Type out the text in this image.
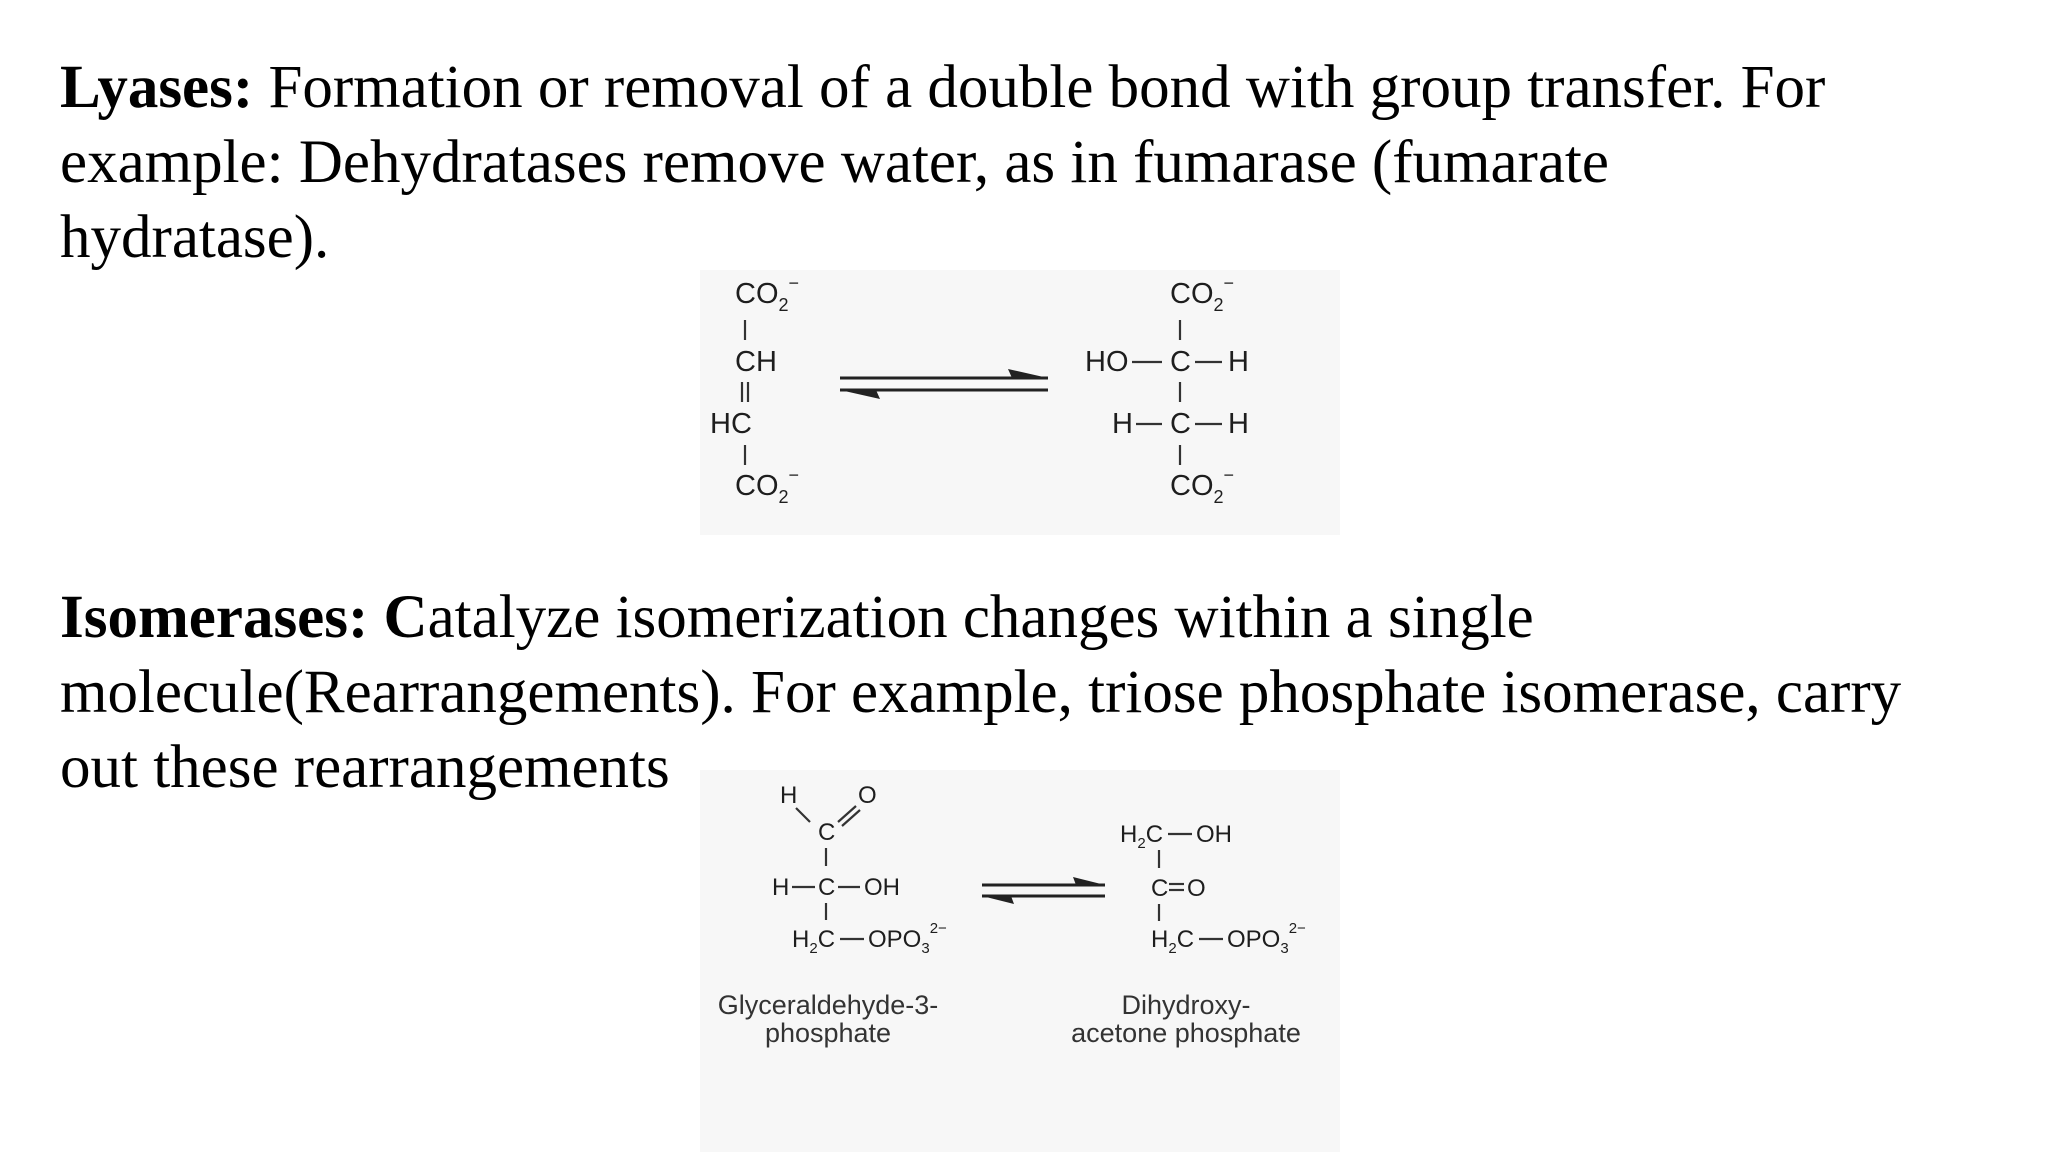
Lyases: Formation or removal of a double bond with group transfer. For
example: Dehydratases remove water, as in fumarase (fumarate
hydratase).
$CO_2^-$
CH
HC
$CO_2^-$
$CO_2^-$
HO C H
H C H
$CO_2^-$
Isomerases: Catalyze isomerization changes within a single
molecule(Rearrangements). For example, triose phosphate isomerase, carry
out these rearrangements	H	O
C
H C OH
$H_2C$ $OPO_3^{2-}$
Glyceraldehyde-3-
phosphate
$H_2C$ OH
C O
$H_2C$ $OPO_3^{2-}$
Dihydroxy-
acetone phosphate
